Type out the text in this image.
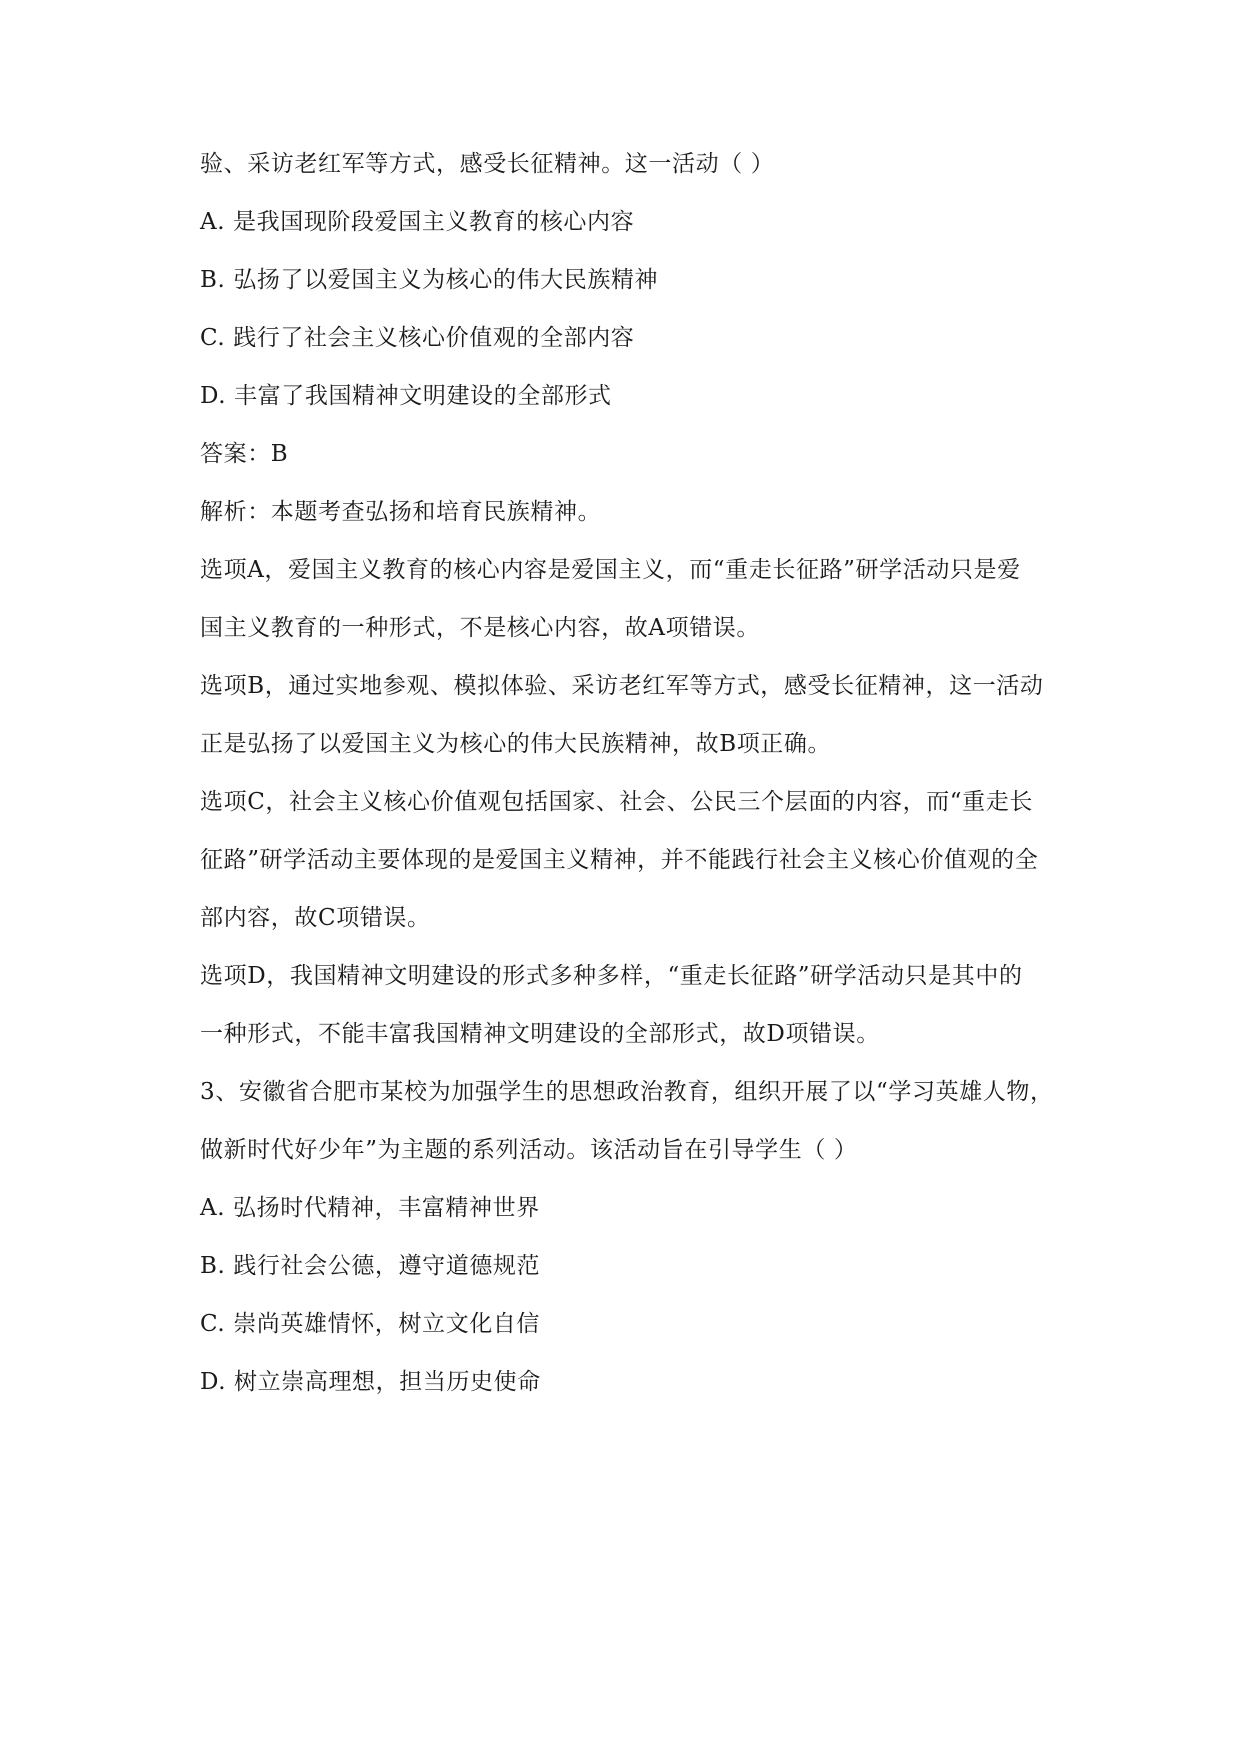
验、采访老红军等方式，感受长征精神。这一活动（ ）
A. 是我国现阶段爱国主义教育的核心内容
B. 弘扬了以爱国主义为核心的伟大民族精神
C. 践行了社会主义核心价值观的全部内容
D. 丰富了我国精神文明建设的全部形式
答案：B
解析：本题考查弘扬和培育民族精神。
选项A，爱国主义教育的核心内容是爱国主义，而“重走长征路”研学活动只是爱
国主义教育的一种形式，不是核心内容，故A项错误。
选项B，通过实地参观、模拟体验、采访老红军等方式，感受长征精神，这一活动
正是弘扬了以爱国主义为核心的伟大民族精神，故B项正确。
选项C，社会主义核心价值观包括国家、社会、公民三个层面的内容，而“重走长
征路”研学活动主要体现的是爱国主义精神，并不能践行社会主义核心价值观的全
部内容，故C项错误。
选项D，我国精神文明建设的形式多种多样，“重走长征路”研学活动只是其中的
一种形式，不能丰富我国精神文明建设的全部形式，故D项错误。
3、安徽省合肥市某校为加强学生的思想政治教育，组织开展了以“学习英雄人物，
做新时代好少年”为主题的系列活动。该活动旨在引导学生（ ）
A. 弘扬时代精神，丰富精神世界
B. 践行社会公德，遵守道德规范
C. 崇尚英雄情怀，树立文化自信
D. 树立崇高理想，担当历史使命
